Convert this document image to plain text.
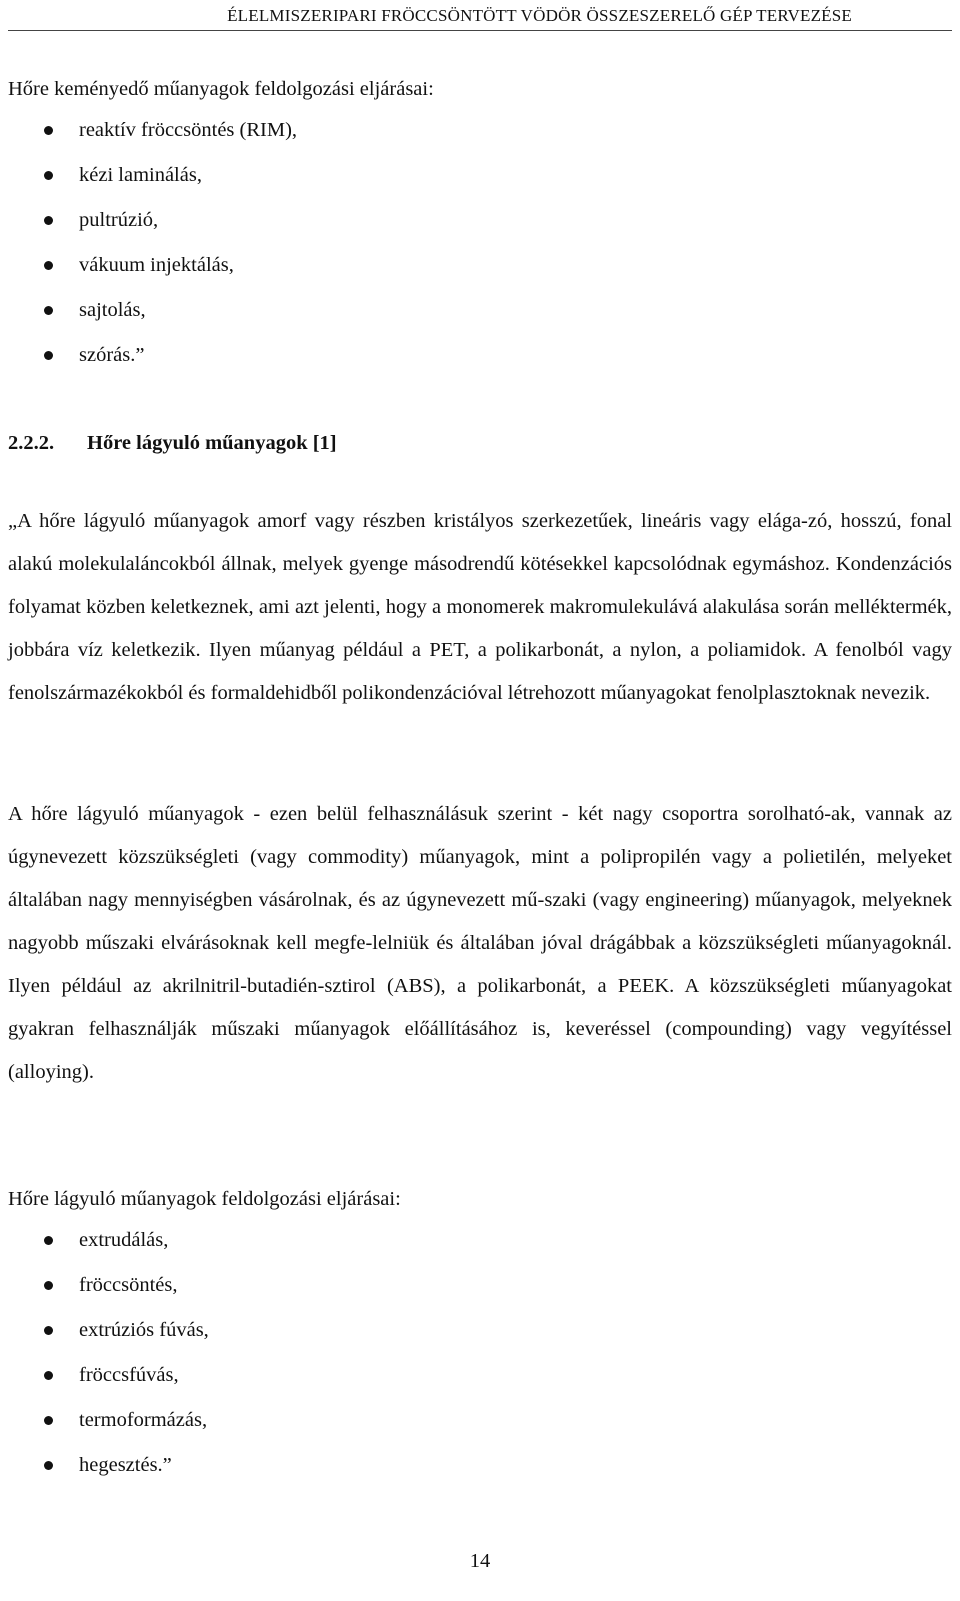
ÉLELMISZERIPARI FRÖCCSÖNTÖTT VÖDÖR ÖSSZESZERELŐ GÉP TERVEZÉSE
Hőre keményedő műanyagok feldolgozási eljárásai:
reaktív fröccsöntés (RIM),
kézi laminálás,
pultrúzió,
vákuum injektálás,
sajtolás,
szórás.”
2.2.2. Hőre lágyuló műanyagok [1]

„A hőre lágyuló műanyagok amorf vagy részben kristályos szerkezetűek, lineáris vagy elága-zó, hosszú, fonal alakú molekulaláncokból állnak, melyek gyenge másodrendű kötésekkel kapcsolódnak egymáshoz. Kondenzációs folyamat közben keletkeznek, ami azt jelenti, hogy a monomerek makromulekulává alakulása során melléktermék, jobbára víz keletkezik. Ilyen műanyag például a PET, a polikarbonát, a nylon, a poliamidok. A fenolból vagy fenolszármazékokból és formaldehidből polikondenzációval létrehozott műanyagokat fenolplasztoknak nevezik.

A hőre lágyuló műanyagok - ezen belül felhasználásuk szerint - két nagy csoportra sorolható-ak, vannak az úgynevezett közszükségleti (vagy commodity) műanyagok, mint a polipropilén vagy a polietilén, melyeket általában nagy mennyiségben vásárolnak, és az úgynevezett mű-szaki (vagy engineering) műanyagok, melyeknek nagyobb műszaki elvárásoknak kell megfe-lelniük és általában jóval drágábbak a közszükségleti műanyagoknál. Ilyen például az akrilnitril-butadién-sztirol (ABS), a polikarbonát, a PEEK. A közszükségleti műanyagokat gyakran felhasználják műszaki műanyagok előállításához is, keveréssel (compounding) vagy vegyítéssel (alloying).

Hőre lágyuló műanyagok feldolgozási eljárásai:
extrudálás,
fröccsöntés,
extrúziós fúvás,
fröccsfúvás,
termoformázás,
hegesztés.”
14
